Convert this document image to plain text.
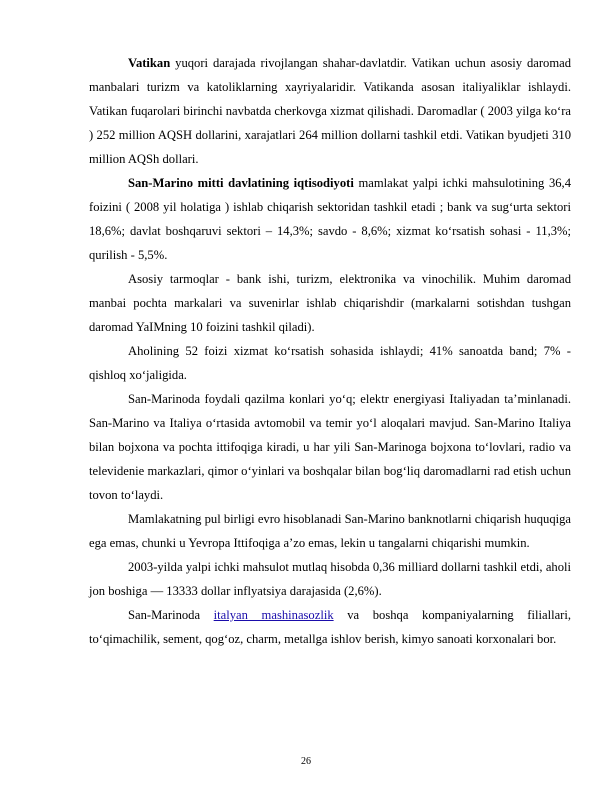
Vatikan yuqori darajada rivojlangan shahar-davlatdir. Vatikan uchun asosiy daromad manbalari turizm va katoliklarning xayriyalaridir. Vatikanda asosan italiyaliklar ishlaydi. Vatikan fuqarolari birinchi navbatda cherkovga xizmat qilishadi. Daromadlar ( 2003 yilga ko‘ra ) 252 million AQSH dollarini, xarajatlari 264 million dollarni tashkil etdi. Vatikan byudjeti 310 million AQSh dollari.

San-Marino mitti davlatining iqtisodiyoti mamlakat yalpi ichki mahsulotining 36,4 foizini ( 2008 yil holatiga ) ishlab chiqarish sektoridan tashkil etadi ; bank va sug‘urta sektori 18,6%; davlat boshqaruvi sektori – 14,3%; savdo - 8,6%; xizmat ko‘rsatish sohasi - 11,3%; qurilish - 5,5%.

Asosiy tarmoqlar - bank ishi, turizm, elektronika va vinochilik. Muhim daromad manbai pochta markalari va suvenirlar ishlab chiqarishdir (markalarni sotishdan tushgan daromad YaIMning 10 foizini tashkil qiladi).

Aholining 52 foizi xizmat ko‘rsatish sohasida ishlaydi; 41% sanoatda band; 7% - qishloq xo‘jaligida.

San-Marinoda foydali qazilma konlari yo‘q; elektr energiyasi Italiyadan ta’minlanadi. San-Marino va Italiya o‘rtasida avtomobil va temir yo‘l aloqalari mavjud. San-Marino Italiya bilan bojxona va pochta ittifoqiga kiradi, u har yili San-Marinoga bojxona to‘lovlari, radio va televidenie markazlari, qimor o‘yinlari va boshqalar bilan bog‘liq daromadlarni rad etish uchun tovon to‘laydi.

Mamlakatning pul birligi evro hisoblanadi San-Marino banknotlarni chiqarish huquqiga ega emas, chunki u Yevropa Ittifoqiga a’zo emas, lekin u tangalarni chiqarishi mumkin.

2003-yilda yalpi ichki mahsulot mutlaq hisobda 0,36 milliard dollarni tashkil etdi, aholi jon boshiga — 13333 dollar inflyatsiya darajasida (2,6%).

San-Marinoda italyan mashinasozlik va boshqa kompaniyalarning filiallari, to‘qimachilik, sement, qog‘oz, charm, metallga ishlov berish, kimyo sanoati korxonalari bor.

26
